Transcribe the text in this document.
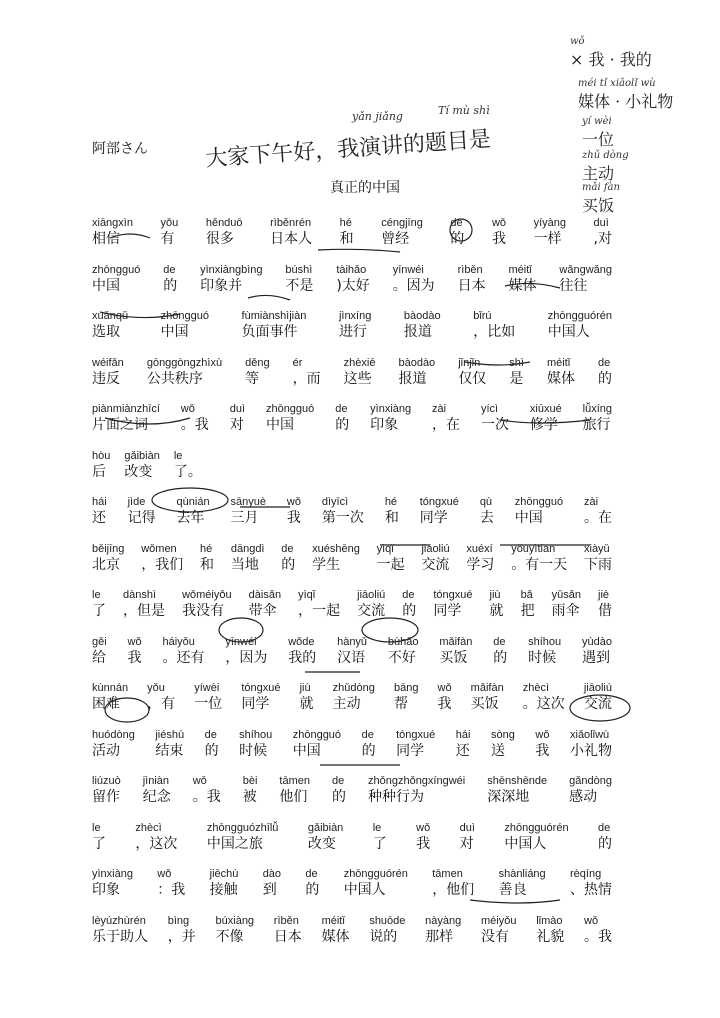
yǎn jiǎng	Tí mù shì
大家下午好，我演讲的题目是
阿部さん
真正的中国
wǒ
× 我 · 我的
méi tǐ xiǎolǐ wù
媒体 · 小礼物
yí wèi
一位
zhǔ dòng
主动
mǎi fàn
买饭
xiāngxìn
相信
yǒu
有
hěnduō
很多
rìběnrén
日本人
hé
和
céngjīng
曾经
de
的
wǒ
我
yíyàng
一样
duì
,对
zhōngguó
中国
de
的
yìnxiàngbìng
印象并
búshì
不是
tàihǎo
)太好
yīnwéi
。因为
rìběn
日本
méitǐ
媒体
wǎngwǎng
往往
xuǎnqǔ
选取
zhōngguó
中国
fùmiànshìjiàn
负面事件
jìnxíng
进行
bàodào
报道
bǐrú
，比如
zhōngguórén
中国人
wéifǎn
违反
gōnggòngzhìxù
公共秩序
děng
等
ér
，而
zhèxiē
这些
bàodào
报道
jǐnjǐn
仅仅
shì
是
méitǐ
媒体
de
的
piànmiànzhīcí
片面之词
wǒ
。我
duì
对
zhōngguó
中国
de
的
yìnxiàng
印象
zài
，在
yícì
一次
xiūxué
修学
lǚxíng
旅行
hòu
后
gǎibiàn
改变
le
了。
hái
还
jìde
记得
qùnián
去年
sānyuè
三月
wǒ
我
dìyīcì
第一次
hé
和
tóngxué
同学
qù
去
zhōngguó
中国
zài
。在
běijīng
北京
wǒmen
，我们
hé
和
dāngdì
当地
de
的
xuéshēng
学生
yìqǐ
一起
jiāoliú
交流
xuéxí
学习
yǒuyìtiān
。有一天
xiàyǔ
下雨
le
了
dànshì
，但是
wǒméiyǒu
我没有
dàisǎn
带伞
yìqǐ
，一起
jiāoliú
交流
de
的
tóngxué
同学
jiù
就
bǎ
把
yǔsǎn
雨伞
jiè
借
gěi
给
wǒ
我
háiyǒu
。还有
yīnwéi
，因为
wǒde
我的
hànyǔ
汉语
bùhǎo
不好
mǎifàn
买饭
de
的
shíhou
时候
yùdào
遇到
kùnnán
困难
yǒu
，有
yíwèi
一位
tóngxué
同学
jiù
就
zhǔdòng
主动
bāng
帮
wǒ
我
mǎifàn
买饭
zhècì
。这次
jiāoliú
交流
huódòng
活动
jiéshù
结束
de
的
shíhou
时候
zhōngguó
中国
de
的
tóngxué
同学
hái
还
sòng
送
wǒ
我
xiǎolǐwù
小礼物
liúzuò
留作
jìniàn
纪念
wǒ
。我
bèi
被
tāmen
他们
de
的
zhǒngzhǒngxíngwéi
种种行为
shēnshēnde
深深地
gǎndòng
感动
le
了
zhècì
，这次
zhōngguózhīlǚ
中国之旅
gǎibiàn
改变
le
了
wǒ
我
duì
对
zhōngguórén
中国人
de
的
yìnxiàng
印象
wǒ
：我
jiēchù
接触
dào
到
de
的
zhōngguórén
中国人
tāmen
，他们
shànliáng
善良
rèqíng
、热情
lèyúzhùrén
乐于助人
bìng
，并
búxiàng
不像
rìběn
日本
méitǐ
媒体
shuōde
说的
nàyàng
那样
méiyǒu
没有
lǐmào
礼貌
wǒ
。我
